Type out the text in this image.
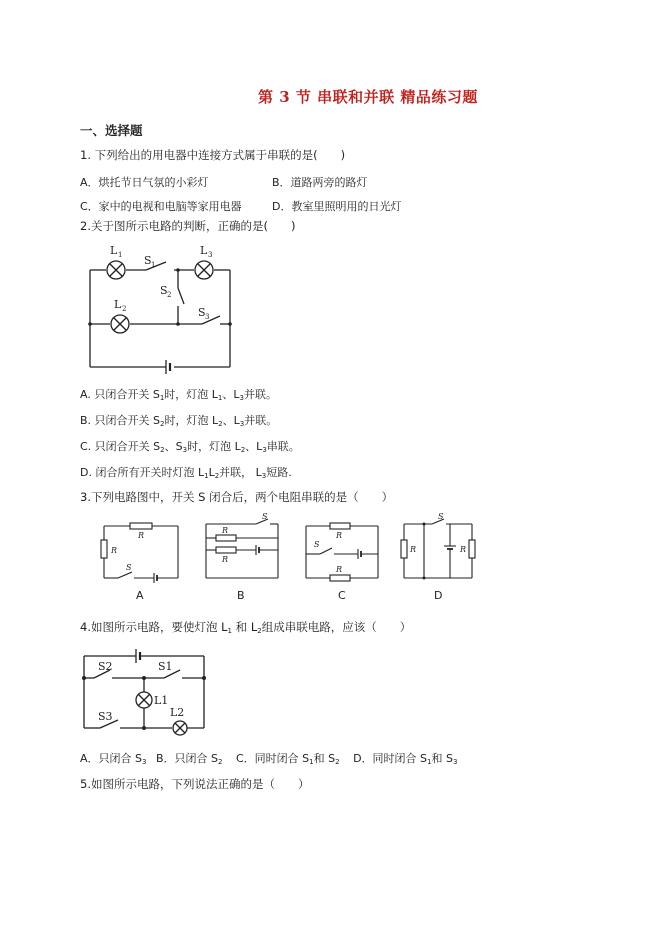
第 3 节 串联和并联 精品练习题
一、选择题
1. 下列给出的用电器中连接方式属于串联的是(　　)
A．烘托节日气氛的小彩灯	B．道路两旁的路灯
C．家中的电视和电脑等家用电器	D．教室里照明用的日光灯
2.关于图所示电路的判断，正确的是(　　)
L 1	L 3
S 1
S 2
L 2	S 3
A. 只闭合开关 $S_1$时，灯泡 $L_1$、$L_3$并联。
B. 只闭合开关 $S_2$时，灯泡 $L_2$、$L_3$并联。
C. 只闭合开关 $S_2$、$S_3$时，灯泡 $L_2$、$L_3$串联。
D. 闭合所有开关时灯泡 $L_1L_2$并联， $L_3$短路.
3.下列电路图中，开关 S 闭合后，两个电阻串联的是（　　）
R
R
S
A
S
R
R
B
R
S
R
C
S
R	R
D
4.如图所示电路，要使灯泡 $L_1$ 和 $L_2$组成串联电路，应该（　　）
S2	S1
L1
S3	L2
A．只闭合 $S_3$ B．只闭合 $S_2$ C．同时闭合 $S_1$和 $S_2$ D．同时闭合 $S_1$和 $S_3$
5.如图所示电路，下列说法正确的是（　　）
